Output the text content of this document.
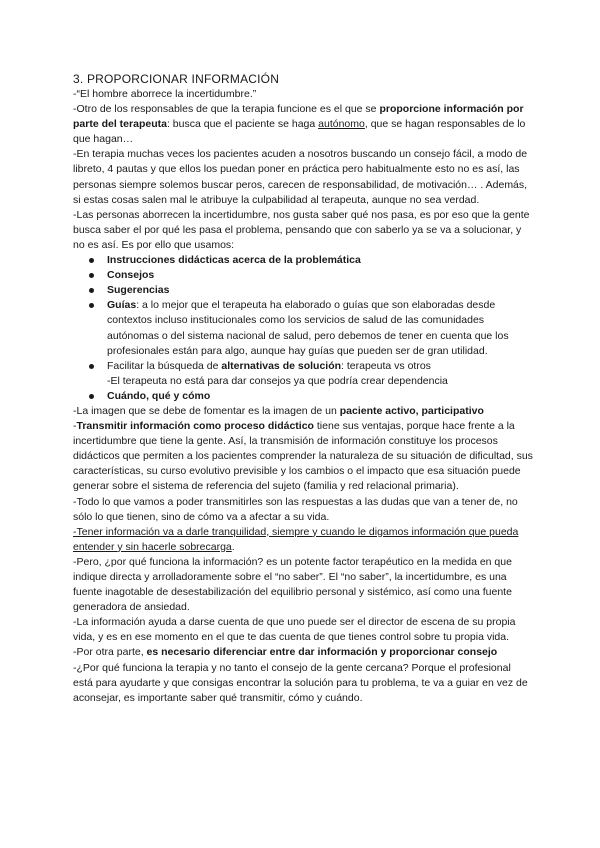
3. PROPORCIONAR INFORMACIÓN

-“El hombre aborrece la incertidumbre.”

-Otro de los responsables de que la terapia funcione es el que se proporcione información por parte del terapeuta: busca que el paciente se haga autónomo, que se hagan responsables de lo que hagan…

-En terapia muchas veces los pacientes acuden a nosotros buscando un consejo fácil, a modo de libreto, 4 pautas y que ellos los puedan poner en práctica pero habitualmente esto no es así, las personas siempre solemos buscar peros, carecen de responsabilidad, de motivación… . Además, si estas cosas salen mal le atribuye la culpabilidad al terapeuta, aunque no sea verdad.

-Las personas aborrecen la incertidumbre, nos gusta saber qué nos pasa, es por eso que la gente busca saber el por qué les pasa el problema, pensando que con saberlo ya se va a solucionar, y no es así. Es por ello que usamos:

Instrucciones didácticas acerca de la problemática
Consejos
Sugerencias
Guías: a lo mejor que el terapeuta ha elaborado o guías que son elaboradas desde contextos incluso institucionales como los servicios de salud de las comunidades autónomas o del sistema nacional de salud, pero debemos de tener en cuenta que los profesionales están para algo, aunque hay guías que pueden ser de gran utilidad.
Facilitar la búsqueda de alternativas de solución: terapeuta vs otros

-El terapeuta no está para dar consejos ya que podría crear dependencia

Cuándo, qué y cómo

-La imagen que se debe de fomentar es la imagen de un paciente activo, participativo

-Transmitir información como proceso didáctico tiene sus ventajas, porque hace frente a la incertidumbre que tiene la gente. Así, la transmisión de información constituye los procesos didácticos que permiten a los pacientes comprender la naturaleza de su situación de dificultad, sus características, su curso evolutivo previsible y los cambios o el impacto que esa situación puede generar sobre el sistema de referencia del sujeto (familia y red relacional primaria).

-Todo lo que vamos a poder transmitirles son las respuestas a las dudas que van a tener de, no sólo lo que tienen, sino de cómo va a afectar a su vida.

-Tener información va a darle tranquilidad, siempre y cuando le digamos información que pueda entender y sin hacerle sobrecarga.

-Pero, ¿por qué funciona la información? es un potente factor terapéutico en la medida en que indique directa y arrolladoramente sobre el “no saber”. El “no saber”, la incertidumbre, es una fuente inagotable de desestabilización del equilibrio personal y sistémico, así como una fuente generadora de ansiedad.

-La información ayuda a darse cuenta de que uno puede ser el director de escena de su propia vida, y es en ese momento en el que te das cuenta de que tienes control sobre tu propia vida.

-Por otra parte, es necesario diferenciar entre dar información y proporcionar consejo

-¿Por qué funciona la terapia y no tanto el consejo de la gente cercana? Porque el profesional está para ayudarte y que consigas encontrar la solución para tu problema, te va a guiar en vez de aconsejar, es importante saber qué transmitir, cómo y cuándo.
